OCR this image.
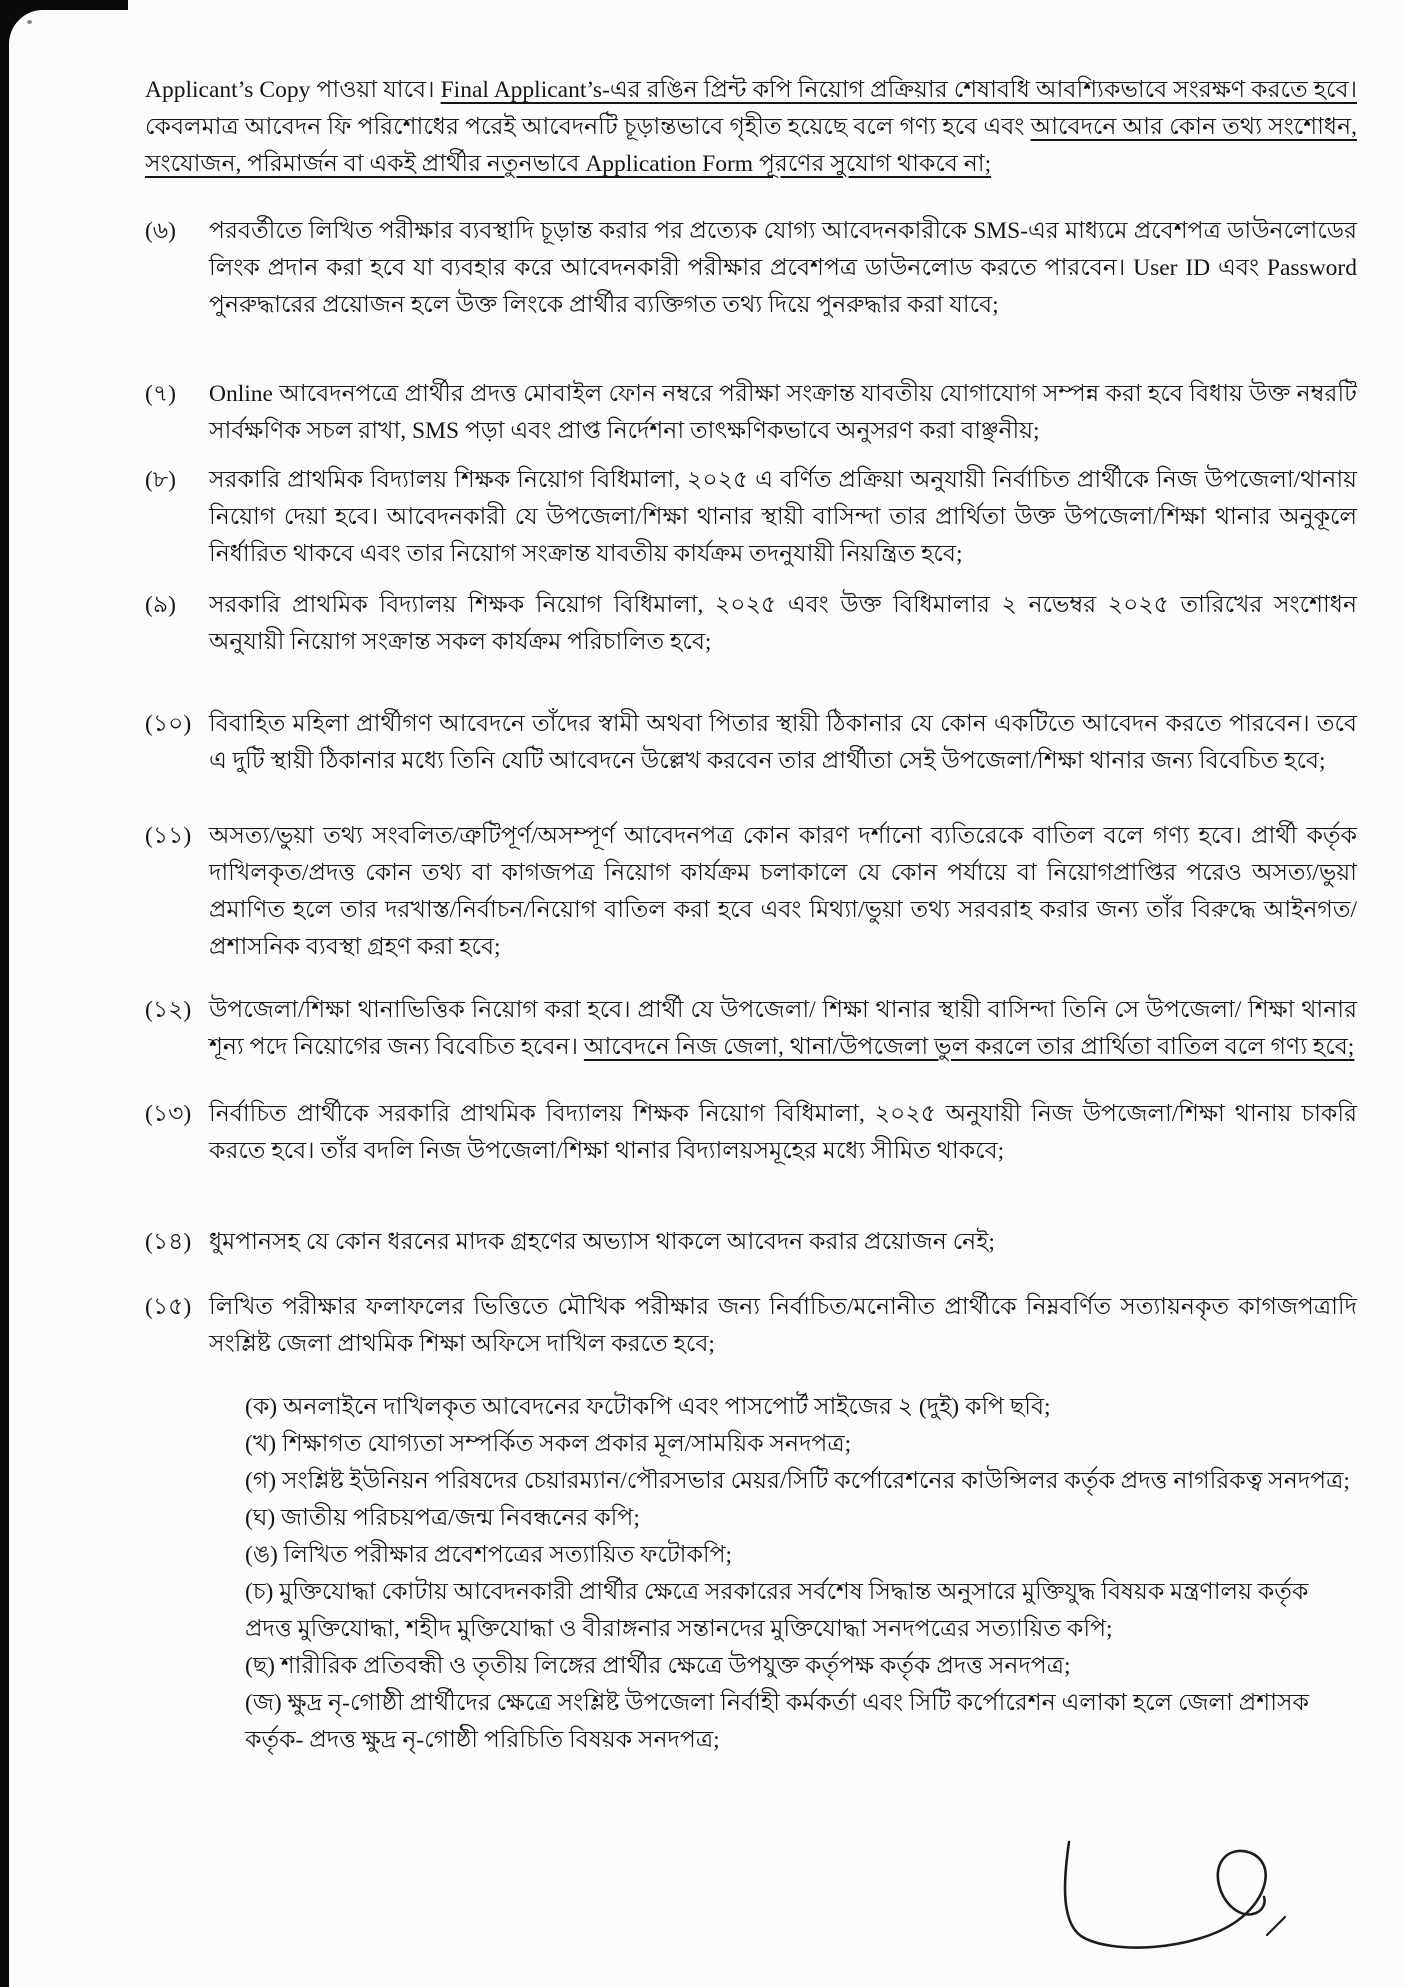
Applicant’s Copy পাওয়া যাবে। Final Applicant’s-এর রঙিন প্রিন্ট কপি নিয়োগ প্রক্রিয়ার শেষাবধি আবশ্যিকভাবে সংরক্ষণ করতে হবে। কেবলমাত্র আবেদন ফি পরিশোধের পরেই আবেদনটি চূড়ান্তভাবে গৃহীত হয়েছে বলে গণ্য হবে এবং আবেদনে আর কোন তথ্য সংশোধন, সংযোজন, পরিমার্জন বা একই প্রার্থীর নতুনভাবে Application Form পূরণের সুযোগ থাকবে না;

(৬)	পরবর্তীতে লিখিত পরীক্ষার ব্যবস্থাদি চূড়ান্ত করার পর প্রত্যেক যোগ্য আবেদনকারীকে SMS-এর মাধ্যমে প্রবেশপত্র ডাউনলোডের লিংক প্রদান করা হবে যা ব্যবহার করে আবেদনকারী পরীক্ষার প্রবেশপত্র ডাউনলোড করতে পারবেন। User ID এবং Password পুনরুদ্ধারের প্রয়োজন হলে উক্ত লিংকে প্রার্থীর ব্যক্তিগত তথ্য দিয়ে পুনরুদ্ধার করা যাবে;

(৭)	Online আবেদনপত্রে প্রার্থীর প্রদত্ত মোবাইল ফোন নম্বরে পরীক্ষা সংক্রান্ত যাবতীয় যোগাযোগ সম্পন্ন করা হবে বিধায় উক্ত নম্বরটি সার্বক্ষণিক সচল রাখা, SMS পড়া এবং প্রাপ্ত নির্দেশনা তাৎক্ষণিকভাবে অনুসরণ করা বাঞ্ছনীয়;

(৮)	সরকারি প্রাথমিক বিদ্যালয় শিক্ষক নিয়োগ বিধিমালা, ২০২৫ এ বর্ণিত প্রক্রিয়া অনুযায়ী নির্বাচিত প্রার্থীকে নিজ উপজেলা/থানায় নিয়োগ দেয়া হবে। আবেদনকারী যে উপজেলা/শিক্ষা থানার স্থায়ী বাসিন্দা তার প্রার্থিতা উক্ত উপজেলা/শিক্ষা থানার অনুকূলে নির্ধারিত থাকবে এবং তার নিয়োগ সংক্রান্ত যাবতীয় কার্যক্রম তদনুযায়ী নিয়ন্ত্রিত হবে;

(৯)	সরকারি প্রাথমিক বিদ্যালয় শিক্ষক নিয়োগ বিধিমালা, ২০২৫ এবং উক্ত বিধিমালার ২ নভেম্বর ২০২৫ তারিখের সংশোধন অনুযায়ী নিয়োগ সংক্রান্ত সকল কার্যক্রম পরিচালিত হবে;

(১০) বিবাহিত মহিলা প্রার্থীগণ আবেদনে তাঁদের স্বামী অথবা পিতার স্থায়ী ঠিকানার যে কোন একটিতে আবেদন করতে পারবেন। তবে এ দুটি স্থায়ী ঠিকানার মধ্যে তিনি যেটি আবেদনে উল্লেখ করবেন তার প্রার্থীতা সেই উপজেলা/শিক্ষা থানার জন্য বিবেচিত হবে;

(১১) অসত্য/ভুয়া তথ্য সংবলিত/ত্রুটিপূর্ণ/অসম্পূর্ণ আবেদনপত্র কোন কারণ দর্শানো ব্যতিরেকে বাতিল বলে গণ্য হবে। প্রার্থী কর্তৃক দাখিলকৃত/প্রদত্ত কোন তথ্য বা কাগজপত্র নিয়োগ কার্যক্রম চলাকালে যে কোন পর্যায়ে বা নিয়োগপ্রাপ্তির পরেও অসত্য/ভুয়া প্রমাণিত হলে তার দরখাস্ত/নির্বাচন/নিয়োগ বাতিল করা হবে এবং মিথ্যা/ভুয়া তথ্য সরবরাহ করার জন্য তাঁর বিরুদ্ধে আইনগত/প্রশাসনিক ব্যবস্থা গ্রহণ করা হবে;

(১২) উপজেলা/শিক্ষা থানাভিত্তিক নিয়োগ করা হবে। প্রার্থী যে উপজেলা/ শিক্ষা থানার স্থায়ী বাসিন্দা তিনি সে উপজেলা/ শিক্ষা থানার শূন্য পদে নিয়োগের জন্য বিবেচিত হবেন। আবেদনে নিজ জেলা, থানা/উপজেলা ভুল করলে তার প্রার্থিতা বাতিল বলে গণ্য হবে;

(১৩) নির্বাচিত প্রার্থীকে সরকারি প্রাথমিক বিদ্যালয় শিক্ষক নিয়োগ বিধিমালা, ২০২৫ অনুযায়ী নিজ উপজেলা/শিক্ষা থানায় চাকরি করতে হবে। তাঁর বদলি নিজ উপজেলা/শিক্ষা থানার বিদ্যালয়সমূহের মধ্যে সীমিত থাকবে;

(১৪) ধুমপানসহ যে কোন ধরনের মাদক গ্রহণের অভ্যাস থাকলে আবেদন করার প্রয়োজন নেই;

(১৫) লিখিত পরীক্ষার ফলাফলের ভিত্তিতে মৌখিক পরীক্ষার জন্য নির্বাচিত/মনোনীত প্রার্থীকে নিম্নবর্ণিত সত্যায়নকৃত কাগজপত্রাদি সংশ্লিষ্ট জেলা প্রাথমিক শিক্ষা অফিসে দাখিল করতে হবে;

(ক) অনলাইনে দাখিলকৃত আবেদনের ফটোকপি এবং পাসপোর্ট সাইজের ২ (দুই) কপি ছবি;

(খ) শিক্ষাগত যোগ্যতা সম্পর্কিত সকল প্রকার মূল/সাময়িক সনদপত্র;

(গ) সংশ্লিষ্ট ইউনিয়ন পরিষদের চেয়ারম্যান/পৌরসভার মেয়র/সিটি কর্পোরেশনের কাউন্সিলর কর্তৃক প্রদত্ত নাগরিকত্ব সনদপত্র;

(ঘ) জাতীয় পরিচয়পত্র/জন্ম নিবন্ধনের কপি;

(ঙ) লিখিত পরীক্ষার প্রবেশপত্রের সত্যায়িত ফটোকপি;

(চ) মুক্তিযোদ্ধা কোটায় আবেদনকারী প্রার্থীর ক্ষেত্রে সরকারের সর্বশেষ সিদ্ধান্ত অনুসারে মুক্তিযুদ্ধ বিষয়ক মন্ত্রণালয় কর্তৃক প্রদত্ত মুক্তিযোদ্ধা, শহীদ মুক্তিযোদ্ধা ও বীরাঙ্গনার সন্তানদের মুক্তিযোদ্ধা সনদপত্রের সত্যায়িত কপি;

(ছ) শারীরিক প্রতিবন্ধী ও তৃতীয় লিঙ্গের প্রার্থীর ক্ষেত্রে উপযুক্ত কর্তৃপক্ষ কর্তৃক প্রদত্ত সনদপত্র;

(জ) ক্ষুদ্র নৃ-গোষ্ঠী প্রার্থীদের ক্ষেত্রে সংশ্লিষ্ট উপজেলা নির্বাহী কর্মকর্তা এবং সিটি কর্পোরেশন এলাকা হলে জেলা প্রশাসক কর্তৃক- প্রদত্ত ক্ষুদ্র নৃ-গোষ্ঠী পরিচিতি বিষয়ক সনদপত্র;
